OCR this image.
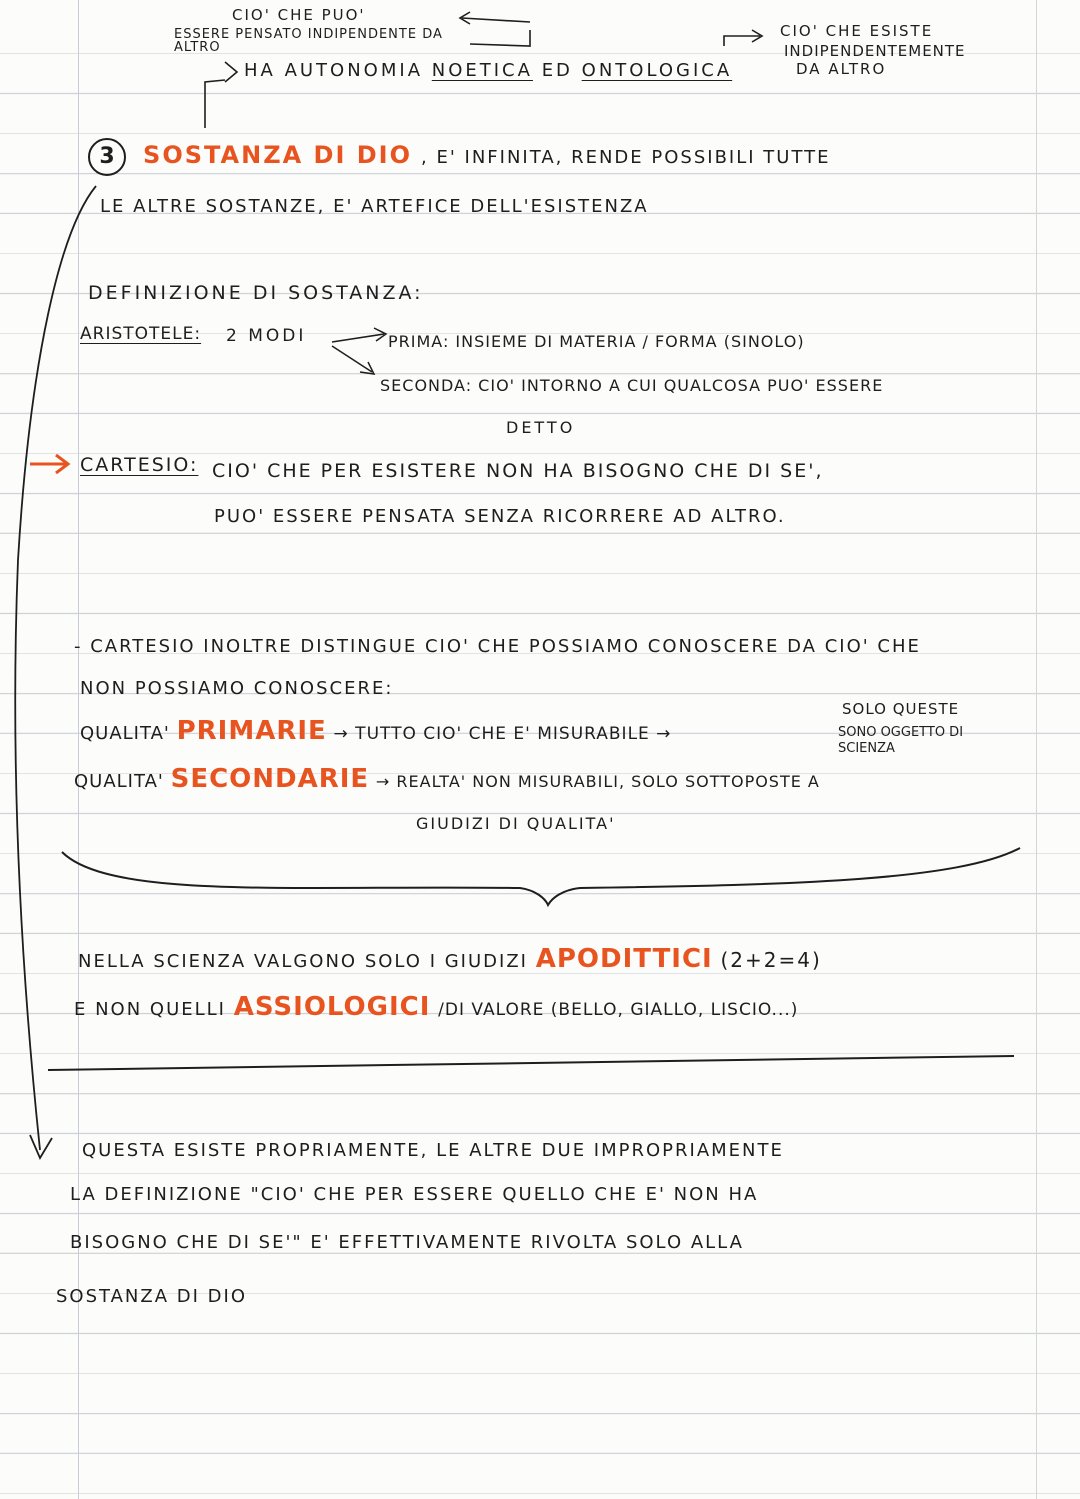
CIO' CHE PUO'
ESSERE PENSATO INDIPENDENTE DA ALTRO
CIO' CHE ESISTE
INDIPENDENTEMENTE
DA ALTRO
HA AUTONOMIA NOETICA ED ONTOLOGICA
3 SOSTANZA DI DIO , E' INFINITA, RENDE POSSIBILI TUTTE
LE ALTRE SOSTANZE, E' ARTEFICE DELL'ESISTENZA
DEFINIZIONE DI SOSTANZA:
ARISTOTELE: 2 MODI	PRIMA: INSIEME DI MATERIA / FORMA (SINOLO)
SECONDA: CIO' INTORNO A CUI QUALCOSA PUO' ESSERE
DETTO
CARTESIO: CIO' CHE PER ESISTERE NON HA BISOGNO CHE DI SE',
PUO' ESSERE PENSATA SENZA RICORRERE AD ALTRO.
- CARTESIO INOLTRE DISTINGUE CIO' CHE POSSIAMO CONOSCERE DA CIO' CHE
NON POSSIAMO CONOSCERE:
QUALITA' PRIMARIE → TUTTO CIO' CHE E' MISURABILE →
SOLO QUESTE
SONO OGGETTO DI
SCIENZA
QUALITA' SECONDARIE → REALTA' NON MISURABILI, SOLO SOTTOPOSTE A
GIUDIZI DI QUALITA'
NELLA SCIENZA VALGONO SOLO I GIUDIZI APODITTICI (2+2=4)
E NON QUELLI ASSIOLOGICI /DI VALORE (BELLO, GIALLO, LISCIO...)
QUESTA ESISTE PROPRIAMENTE, LE ALTRE DUE IMPROPRIAMENTE
LA DEFINIZIONE "CIO' CHE PER ESSERE QUELLO CHE E' NON HA
BISOGNO CHE DI SE'" E' EFFETTIVAMENTE RIVOLTA SOLO ALLA
SOSTANZA DI DIO
